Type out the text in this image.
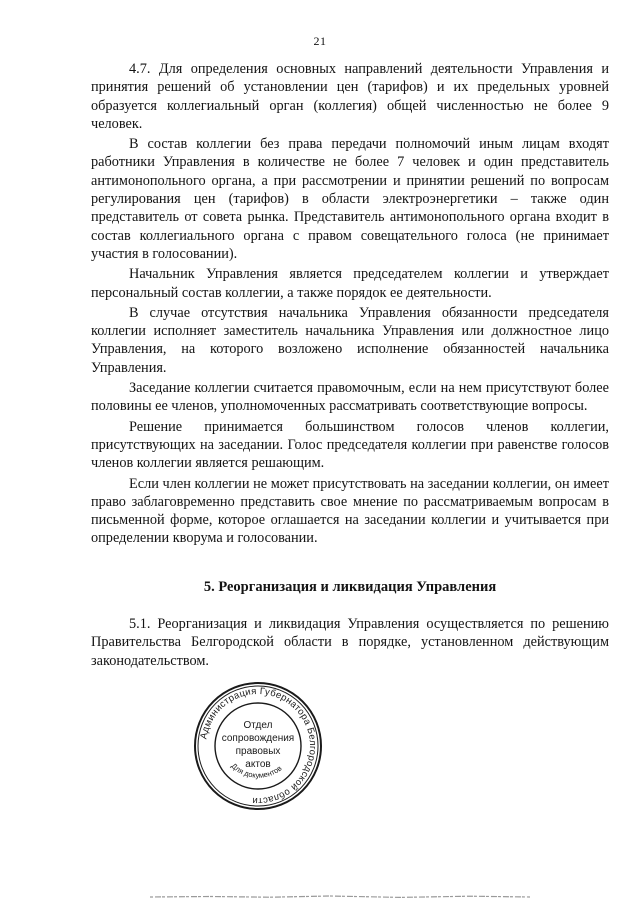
21

4.7. Для определения основных направлений деятельности Управления и принятия решений об установлении цен (тарифов) и их предельных уровней образуется коллегиальный орган (коллегия) общей численностью не более 9 человек.

В состав коллегии без права передачи полномочий иным лицам входят работники Управления в количестве не более 7 человек и один представитель антимонопольного органа, а при рассмотрении и принятии решений по вопросам регулирования цен (тарифов) в области электроэнергетики – также один представитель от совета рынка. Представитель антимонопольного органа входит в состав коллегиального органа с правом совещательного голоса (не принимает участия в голосовании).

Начальник Управления является председателем коллегии и утверждает персональный состав коллегии, а также порядок ее деятельности.

В случае отсутствия начальника Управления обязанности председателя коллегии исполняет заместитель начальника Управления или должностное лицо Управления, на которого возложено исполнение обязанностей начальника Управления.

Заседание коллегии считается правомочным, если на нем присутствуют более половины ее членов, уполномоченных рассматривать соответствующие вопросы.

Решение принимается большинством голосов членов коллегии, присутствующих на заседании. Голос председателя коллегии при равенстве голосов членов коллегии является решающим.

Если член коллегии не может присутствовать на заседании коллегии, он имеет право заблаговременно представить свое мнение по рассматриваемым вопросам в письменной форме, которое оглашается на заседании коллегии и учитывается при определении кворума и голосовании.

5. Реорганизация и ликвидация Управления

5.1. Реорганизация и ликвидация Управления осуществляется по решению Правительства Белгородской области в порядке, установленном действующим законодательством.

Администрация Губернатора Белгородской области
Для документов
Отдел
сопровождения
правовых
актов
